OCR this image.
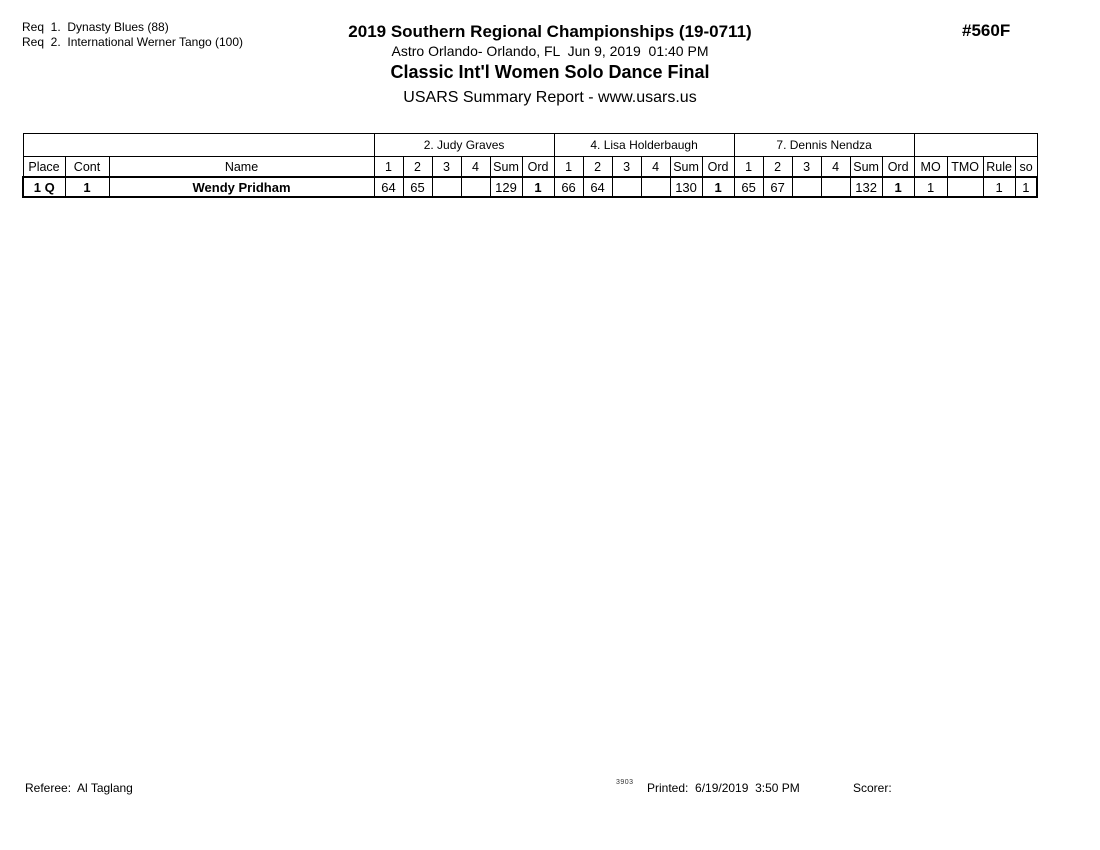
Req  1.  Dynasty Blues (88)
Req  2.  International Werner Tango (100)
2019 Southern Regional Championships (19-0711)
Astro Orlando- Orlando, FL  Jun 9, 2019  01:40 PM
Classic Int'l Women Solo Dance Final
USARS Summary Report - www.usars.us
#560F
			2. Judy Graves						4. Lisa Holderbaugh						7. Dennis Nendza									
Place	Cont	Name	1	2	3	4	Sum	Ord	1	2	3	4	Sum	Ord	1	2	3	4	Sum	Ord	MO	TMO	Rule	so
1 Q	1	Wendy Pridham	64	65			129	1	66	64			130	1	65	67			132	1	1		1	1
Referee:  Al Taglang	3903 Printed:  6/19/2019  3:50 PM	Scorer:
